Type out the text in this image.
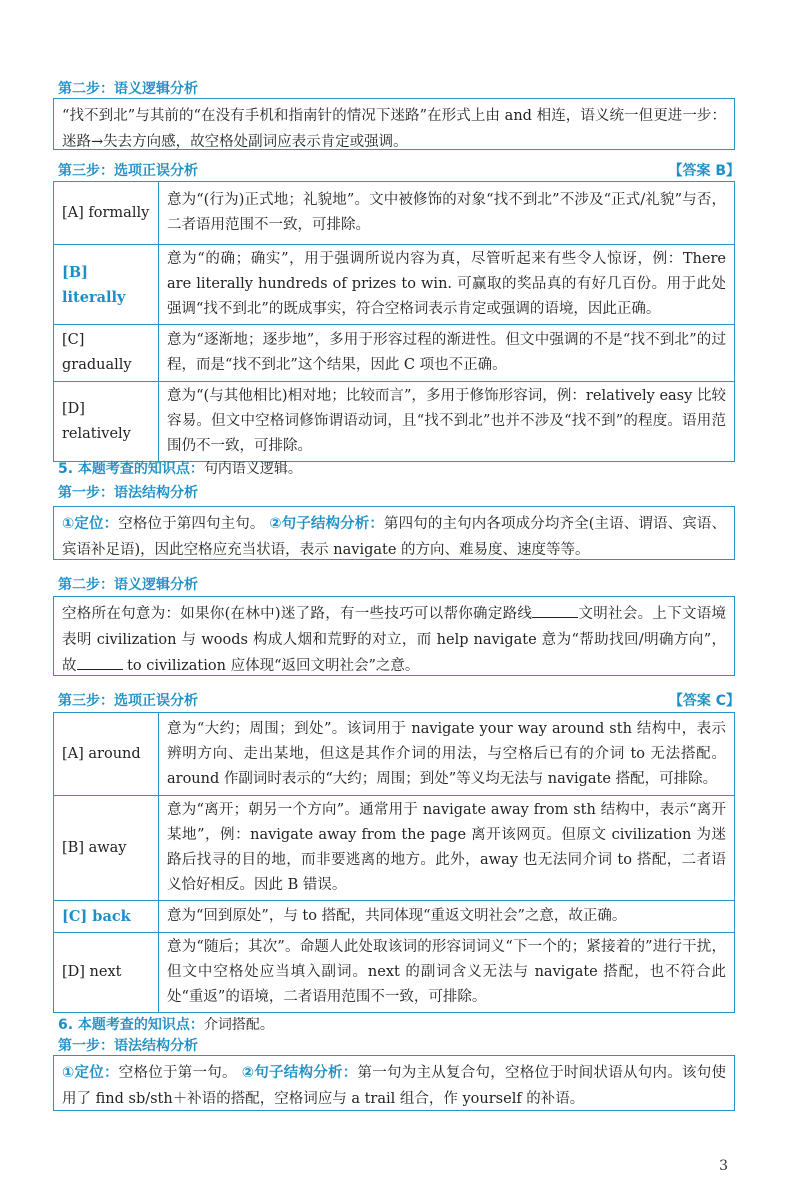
第二步：语义逻辑分析
“找不到北”与其前的“在没有手机和指南针的情况下迷路”在形式上由 and 相连，语义统一但更进一步：迷路→失去方向感，故空格处副词应表示肯定或强调。
第三步：选项正误分析	【答案 B】
[A] formally	意为“(行为)正式地；礼貌地”。文中被修饰的对象“找不到北”不涉及“正式/礼貌”与否，二者语用范围不一致，可排除。
[B] literally	意为“的确；确实”，用于强调所说内容为真，尽管听起来有些令人惊讶，例：There are literally hundreds of prizes to win. 可赢取的奖品真的有好几百份。用于此处强调“找不到北”的既成事实，符合空格词表示肯定或强调的语境，因此正确。
[C] gradually	意为“逐渐地；逐步地”，多用于形容过程的渐进性。但文中强调的不是“找不到北”的过程，而是“找不到北”这个结果，因此 C 项也不正确。
[D] relatively	意为“(与其他相比)相对地；比较而言”，多用于修饰形容词，例：relatively easy 比较容易。但文中空格词修饰谓语动词，且“找不到北”也并不涉及“找不到”的程度。语用范围仍不一致，可排除。
5. 本题考查的知识点：句内语义逻辑。
第一步：语法结构分析
①定位：空格位于第四句主句。 ②句子结构分析：第四句的主句内各项成分均齐全(主语、谓语、宾语、宾语补足语)，因此空格应充当状语，表示 navigate 的方向、难易度、速度等等。
第二步：语义逻辑分析
空格所在句意为：如果你(在林中)迷了路，有一些技巧可以帮你确定路线	文明社会。上下文语境表明 civilization 与 woods 构成人烟和荒野的对立，而 help navigate 意为“帮助找回/明确方向”，故	to civilization 应体现“返回文明社会”之意。
第三步：选项正误分析	【答案 C】
[A] around	意为“大约；周围；到处”。该词用于 navigate your way around sth 结构中，表示辨明方向、走出某地，但这是其作介词的用法，与空格后已有的介词 to 无法搭配。around 作副词时表示的“大约；周围；到处”等义均无法与 navigate 搭配，可排除。
[B] away	意为“离开；朝另一个方向”。通常用于 navigate away from sth 结构中，表示“离开某地”，例：navigate away from the page 离开该网页。但原文 civilization 为迷路后找寻的目的地，而非要逃离的地方。此外，away 也无法同介词 to 搭配，二者语义恰好相反。因此 B 错误。
[C] back	意为“回到原处”，与 to 搭配，共同体现“重返文明社会”之意，故正确。
[D] next	意为“随后；其次”。命题人此处取该词的形容词词义“下一个的；紧接着的”进行干扰，但文中空格处应当填入副词。next 的副词含义无法与 navigate 搭配，也不符合此处“重返”的语境，二者语用范围不一致，可排除。
6. 本题考查的知识点：介词搭配。
第一步：语法结构分析
①定位：空格位于第一句。 ②句子结构分析：第一句为主从复合句，空格位于时间状语从句内。该句使用了 find sb/sth＋补语的搭配，空格词应与 a trail 组合，作 yourself 的补语。
3
